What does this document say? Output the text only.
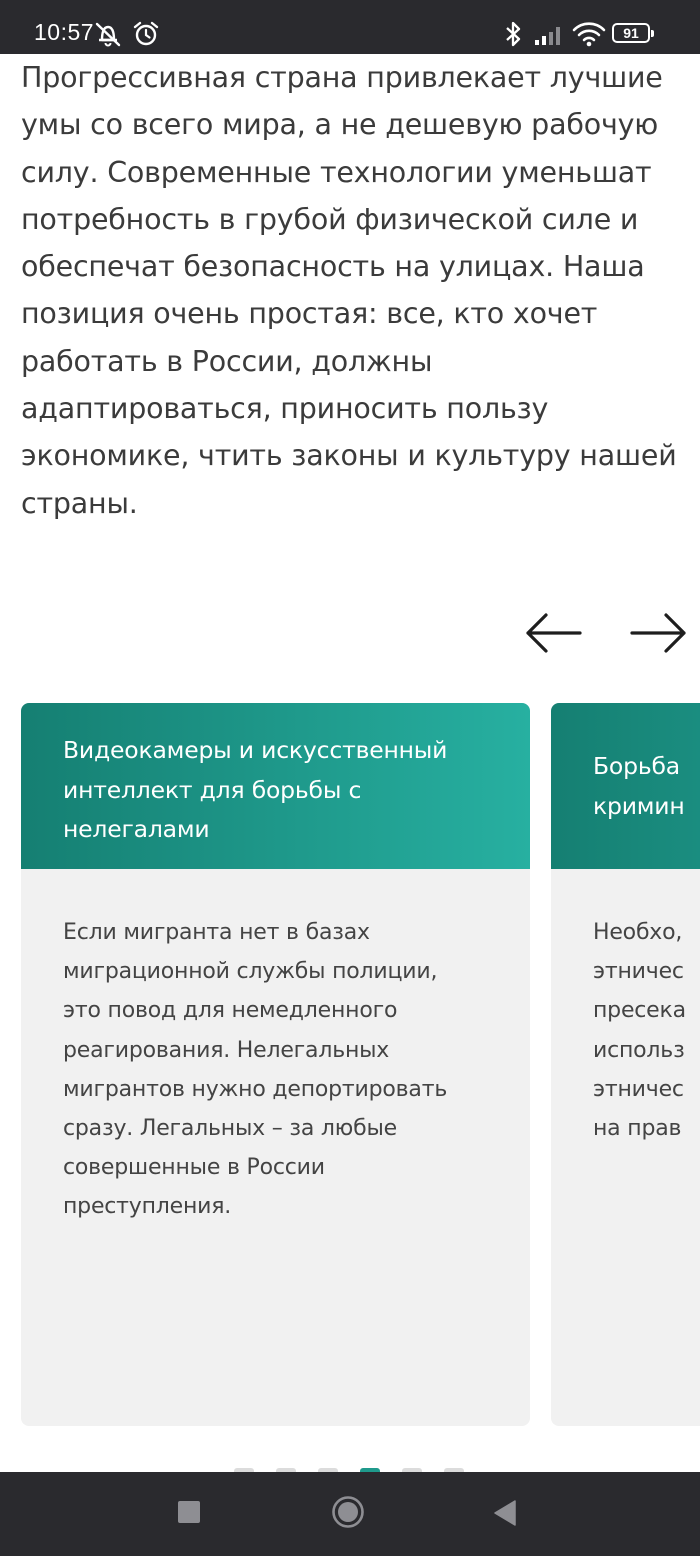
10:57	91

Прогрессивная страна привлекает лучшие умы со всего мира, а не дешевую рабочую силу. Современные технологии уменьшат потребность в грубой физической силе и обеспечат безопасность на улицах. Наша позиция очень простая: все, кто хочет работать в России, должны адаптироваться, приносить пользу экономике, чтить законы и культуру нашей страны.

Видеокамеры и искусственный
интеллект для борьбы с
нелегалами
Если мигранта нет в базах
миграционной службы полиции,
это повод для немедленного
реагирования. Нелегальных
мигрантов нужно депортировать
сразу. Легальных – за любые
совершенные в России
преступления.
Борьба
кримин
Необхо,
этничес
пресека
использ
этничес
на прав
